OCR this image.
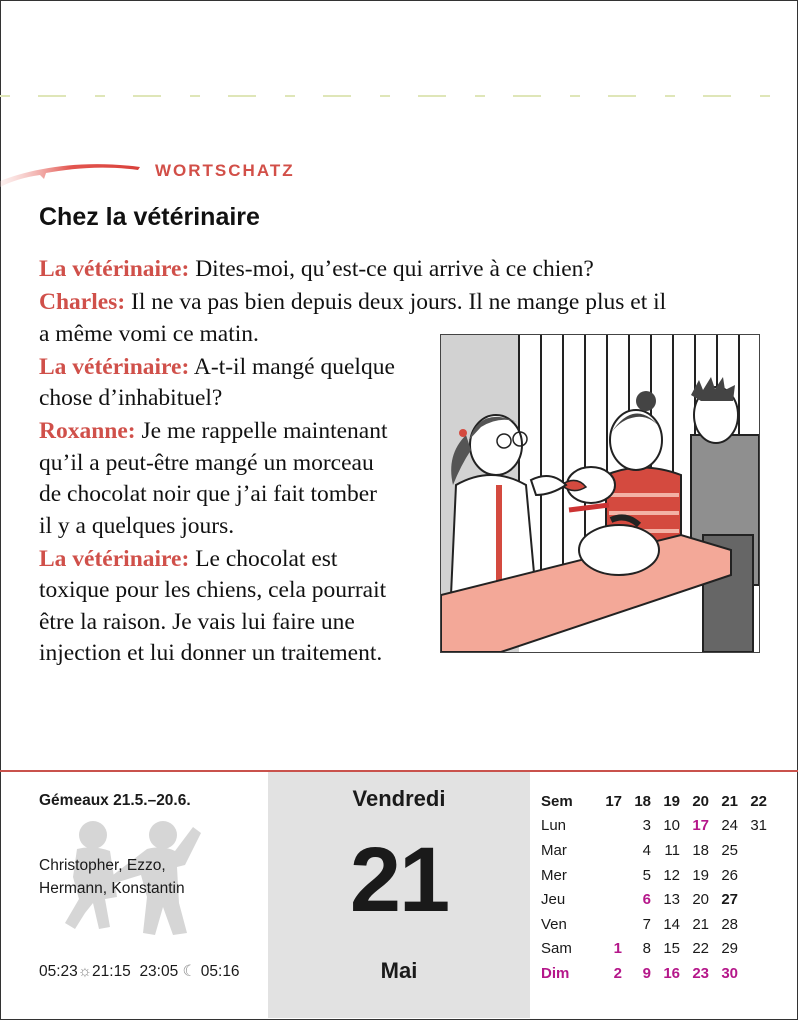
WORTSCHATZ
Chez la vétérinaire

La vétérinaire: Dites-moi, qu’est-ce qui arrive à ce chien?

Charles: Il ne va pas bien depuis deux jours. Il ne mange plus et il
a même vomi ce matin.

La vétérinaire: A-t-il mangé quelque
chose d’inhabituel?

Roxanne: Je me rappelle maintenant
qu’il a peut-être mangé un morceau
de chocolat noir que j’ai fait tomber
il y a quelques jours.

La vétérinaire: Le chocolat est
toxique pour les chiens, cela pourrait
être la raison. Je vais lui faire une
injection et lui donner un traitement.

Gémeaux 21.5.–20.6.
Christopher, Ezzo,
Hermann, Konstantin
05:23☼21:15 23:05 ☾ 05:16
Vendredi
21
Mai
Sem	17	18	19	20	21	22
Lun		3	10	17	24	31
Mar		4	11	18	25	
Mer		5	12	19	26	
Jeu		6	13	20	27	
Ven		7	14	21	28	
Sam	1	8	15	22	29	
Dim	2	9	16	23	30	
